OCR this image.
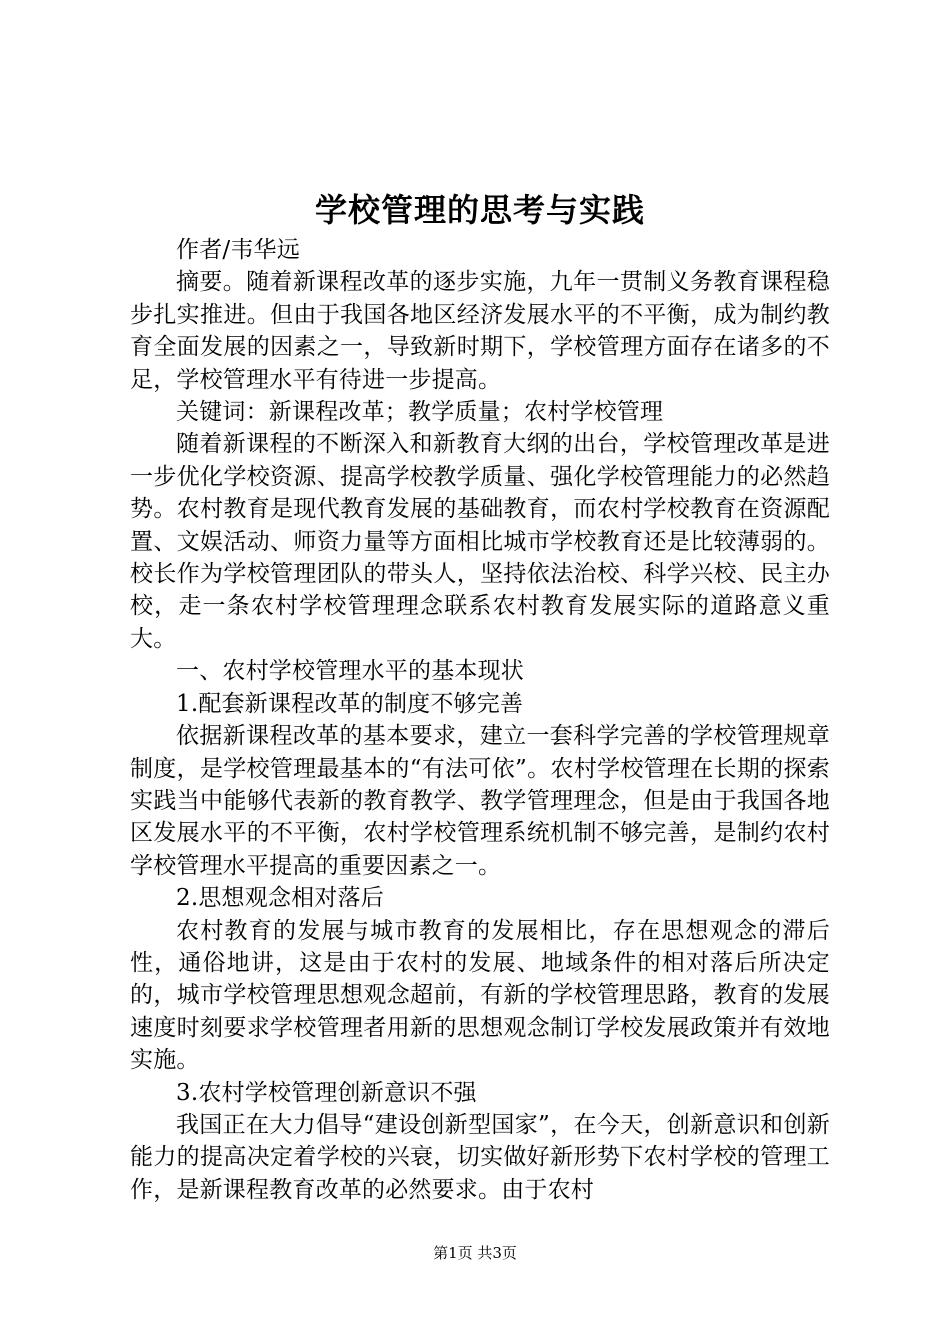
学校管理的思考与实践

作者/韦华远

摘要。随着新课程改革的逐步实施，九年一贯制义务教育课程稳步扎实推进。但由于我国各地区经济发展水平的不平衡，成为制约教育全面发展的因素之一，导致新时期下，学校管理方面存在诸多的不足，学校管理水平有待进一步提高。

关键词：新课程改革；教学质量；农村学校管理

随着新课程的不断深入和新教育大纲的出台，学校管理改革是进一步优化学校资源、提高学校教学质量、强化学校管理能力的必然趋势。农村教育是现代教育发展的基础教育，而农村学校教育在资源配置、文娱活动、师资力量等方面相比城市学校教育还是比较薄弱的。校长作为学校管理团队的带头人，坚持依法治校、科学兴校、民主办校，走一条农村学校管理理念联系农村教育发展实际的道路意义重大。

一、农村学校管理水平的基本现状

1.配套新课程改革的制度不够完善

依据新课程改革的基本要求，建立一套科学完善的学校管理规章制度，是学校管理最基本的“有法可依”。农村学校管理在长期的探索实践当中能够代表新的教育教学、教学管理理念，但是由于我国各地区发展水平的不平衡，农村学校管理系统机制不够完善，是制约农村学校管理水平提高的重要因素之一。

2.思想观念相对落后

农村教育的发展与城市教育的发展相比，存在思想观念的滞后性，通俗地讲，这是由于农村的发展、地域条件的相对落后所决定的，城市学校管理思想观念超前，有新的学校管理思路，教育的发展速度时刻要求学校管理者用新的思想观念制订学校发展政策并有效地实施。

3.农村学校管理创新意识不强

我国正在大力倡导“建设创新型国家”，在今天，创新意识和创新能力的提高决定着学校的兴衰，切实做好新形势下农村学校的管理工作，是新课程教育改革的必然要求。由于农村

第1页 共3页
